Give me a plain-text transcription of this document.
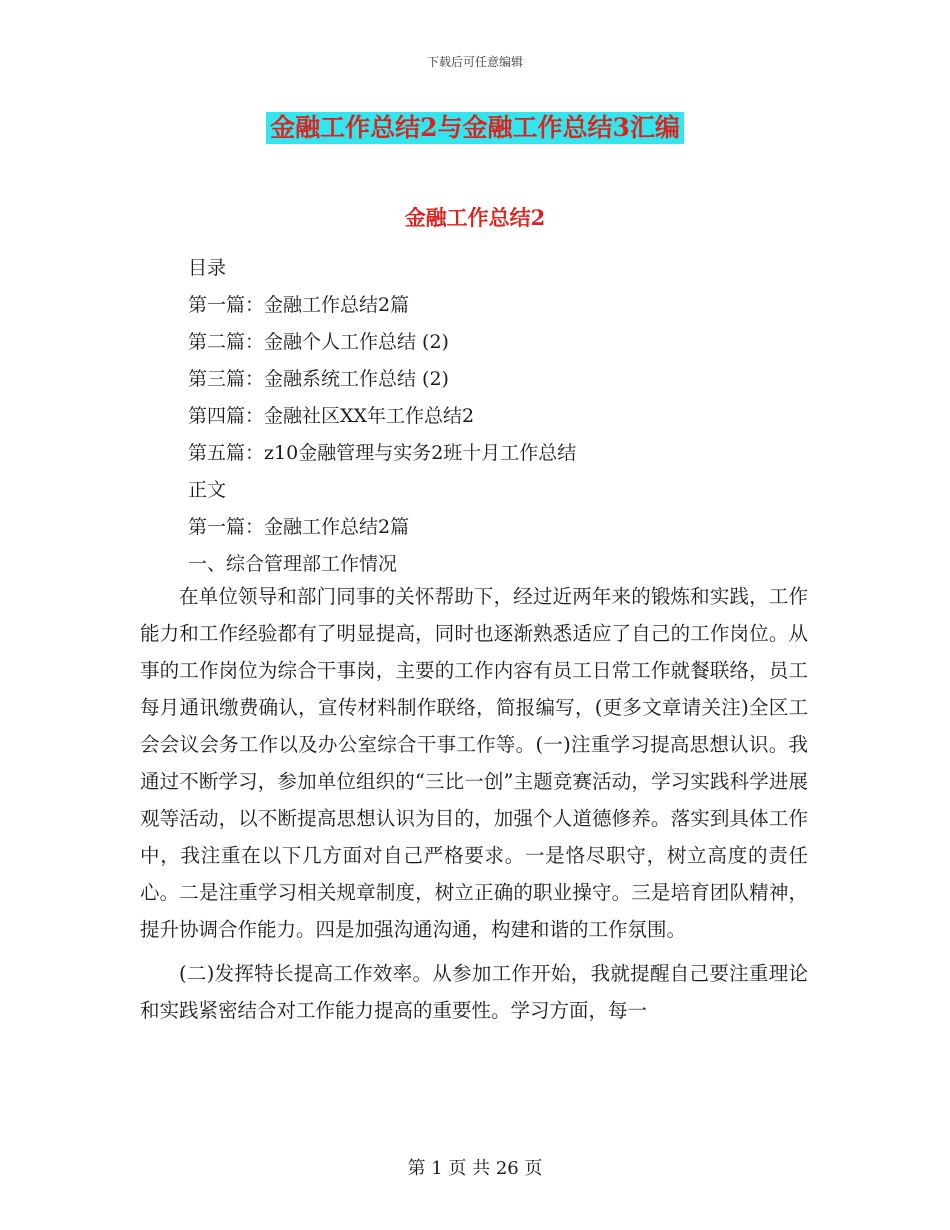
下载后可任意编辑
金融工作总结2与金融工作总结3汇编
金融工作总结2
目录
第一篇：金融工作总结2篇
第二篇：金融个人工作总结 (2)
第三篇：金融系统工作总结 (2)
第四篇：金融社区XX年工作总结2
第五篇：z10金融管理与实务2班十月工作总结
正文
第一篇：金融工作总结2篇
一、综合管理部工作情况

在单位领导和部门同事的关怀帮助下，经过近两年来的锻炼和实践，工作能力和工作经验都有了明显提高，同时也逐渐熟悉适应了自己的工作岗位。从事的工作岗位为综合干事岗，主要的工作内容有员工日常工作就餐联络，员工每月通讯缴费确认，宣传材料制作联络，简报编写，(更多文章请关注)全区工会会议会务工作以及办公室综合干事工作等。(一)注重学习提高思想认识。我通过不断学习，参加单位组织的“三比一创”主题竞赛活动，学习实践科学进展观等活动，以不断提高思想认识为目的，加强个人道德修养。落实到具体工作中，我注重在以下几方面对自己严格要求。一是恪尽职守，树立高度的责任心。二是注重学习相关规章制度，树立正确的职业操守。三是培育团队精神，提升协调合作能力。四是加强沟通沟通，构建和谐的工作氛围。

(二)发挥特长提高工作效率。从参加工作开始，我就提醒自己要注重理论和实践紧密结合对工作能力提高的重要性。学习方面，每一

第 1 页 共 26 页
